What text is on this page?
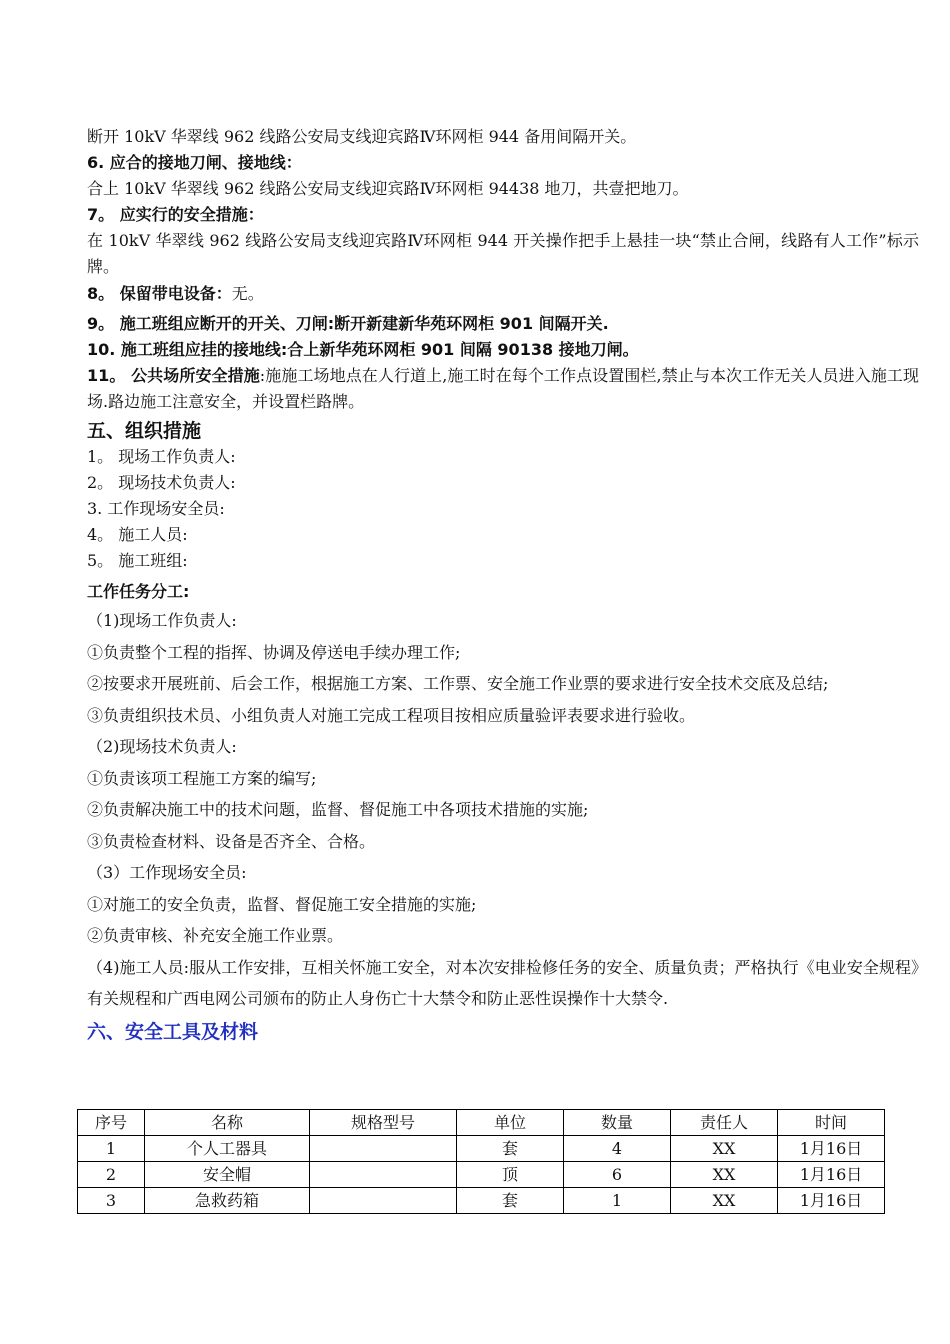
断开 10kV 华翠线 962 线路公安局支线迎宾路Ⅳ环网柜 944 备用间隔开关。
6. 应合的接地刀闸、接地线：
合上 10kV 华翠线 962 线路公安局支线迎宾路Ⅳ环网柜 94438 地刀，共壹把地刀。
7。 应实行的安全措施：
在 10kV 华翠线 962 线路公安局支线迎宾路Ⅳ环网柜 944 开关操作把手上悬挂一块“禁止合闸，线路有人工作”标示牌。
8。 保留带电设备：无。
9。 施工班组应断开的开关、刀闸:断开新建新华苑环网柜 901 间隔开关.
10. 施工班组应挂的接地线:合上新华苑环网柜 901 间隔 90138 接地刀闸。
11。 公共场所安全措施:施施工场地点在人行道上,施工时在每个工作点设置围栏,禁止与本次工作无关人员进入施工现场.路边施工注意安全，并设置栏路牌。
五、组织措施
1。 现场工作负责人:
2。 现场技术负责人:
3. 工作现场安全员:
4。 施工人员:
5。 施工班组:
工作任务分工:
（1)现场工作负责人:
①负责整个工程的指挥、协调及停送电手续办理工作;
②按要求开展班前、后会工作，根据施工方案、工作票、安全施工作业票的要求进行安全技术交底及总结;
③负责组织技术员、小组负责人对施工完成工程项目按相应质量验评表要求进行验收。
（2)现场技术负责人:
①负责该项工程施工方案的编写;
②负责解决施工中的技术问题，监督、督促施工中各项技术措施的实施;
③负责检查材料、设备是否齐全、合格。
（3）工作现场安全员:
①对施工的安全负责，监督、督促施工安全措施的实施;
②负责审核、补充安全施工作业票。
（4)施工人员:服从工作安排，互相关怀施工安全，对本次安排检修任务的安全、质量负责；严格执行《电业安全规程》有关规程和广西电网公司颁布的防止人身伤亡十大禁令和防止恶性误操作十大禁令.
六、安全工具及材料
序号	名称	规格型号	单位	数量	责任人	时间
1	个人工器具		套	4	XX	1月16日
2	安全帽		顶	6	XX	1月16日
3	急救药箱		套	1	XX	1月16日
